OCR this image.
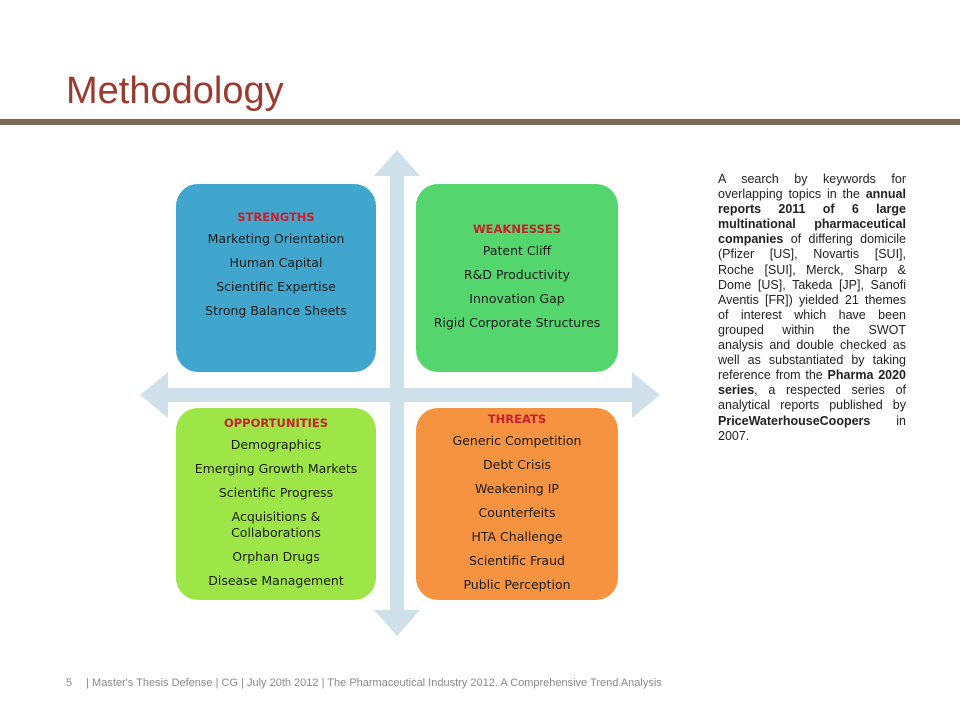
Methodology
STRENGTHS
Marketing Orientation
Human Capital
Scientific Expertise
Strong Balance Sheets
WEAKNESSES
Patent Cliff
R&D Productivity
Innovation Gap
Rigid Corporate Structures
OPPORTUNITIES
Demographics
Emerging Growth Markets
Scientific Progress
Acquisitions & Collaborations
Orphan Drugs
Disease Management
THREATS
Generic Competition
Debt Crisis
Weakening IP
Counterfeits
HTA Challenge
Scientific Fraud
Public Perception
A search by keywords for overlapping topics in the annual reports 2011 of 6 large multinational pharmaceutical companies of differing domicile (Pfizer [US], Novartis [SUI], Roche [SUI], Merck, Sharp & Dome [US], Takeda [JP], Sanofi Aventis [FR]) yielded 21 themes of interest which have been grouped within the SWOT analysis and double checked as well as substantiated by taking reference from the Pharma 2020 series, a respected series of analytical reports published by PriceWaterhouseCoopers in 2007.
5 | Master's Thesis Defense | CG | July 20th 2012 | The Pharmaceutical Industry 2012. A Comprehensive Trend Analysis
